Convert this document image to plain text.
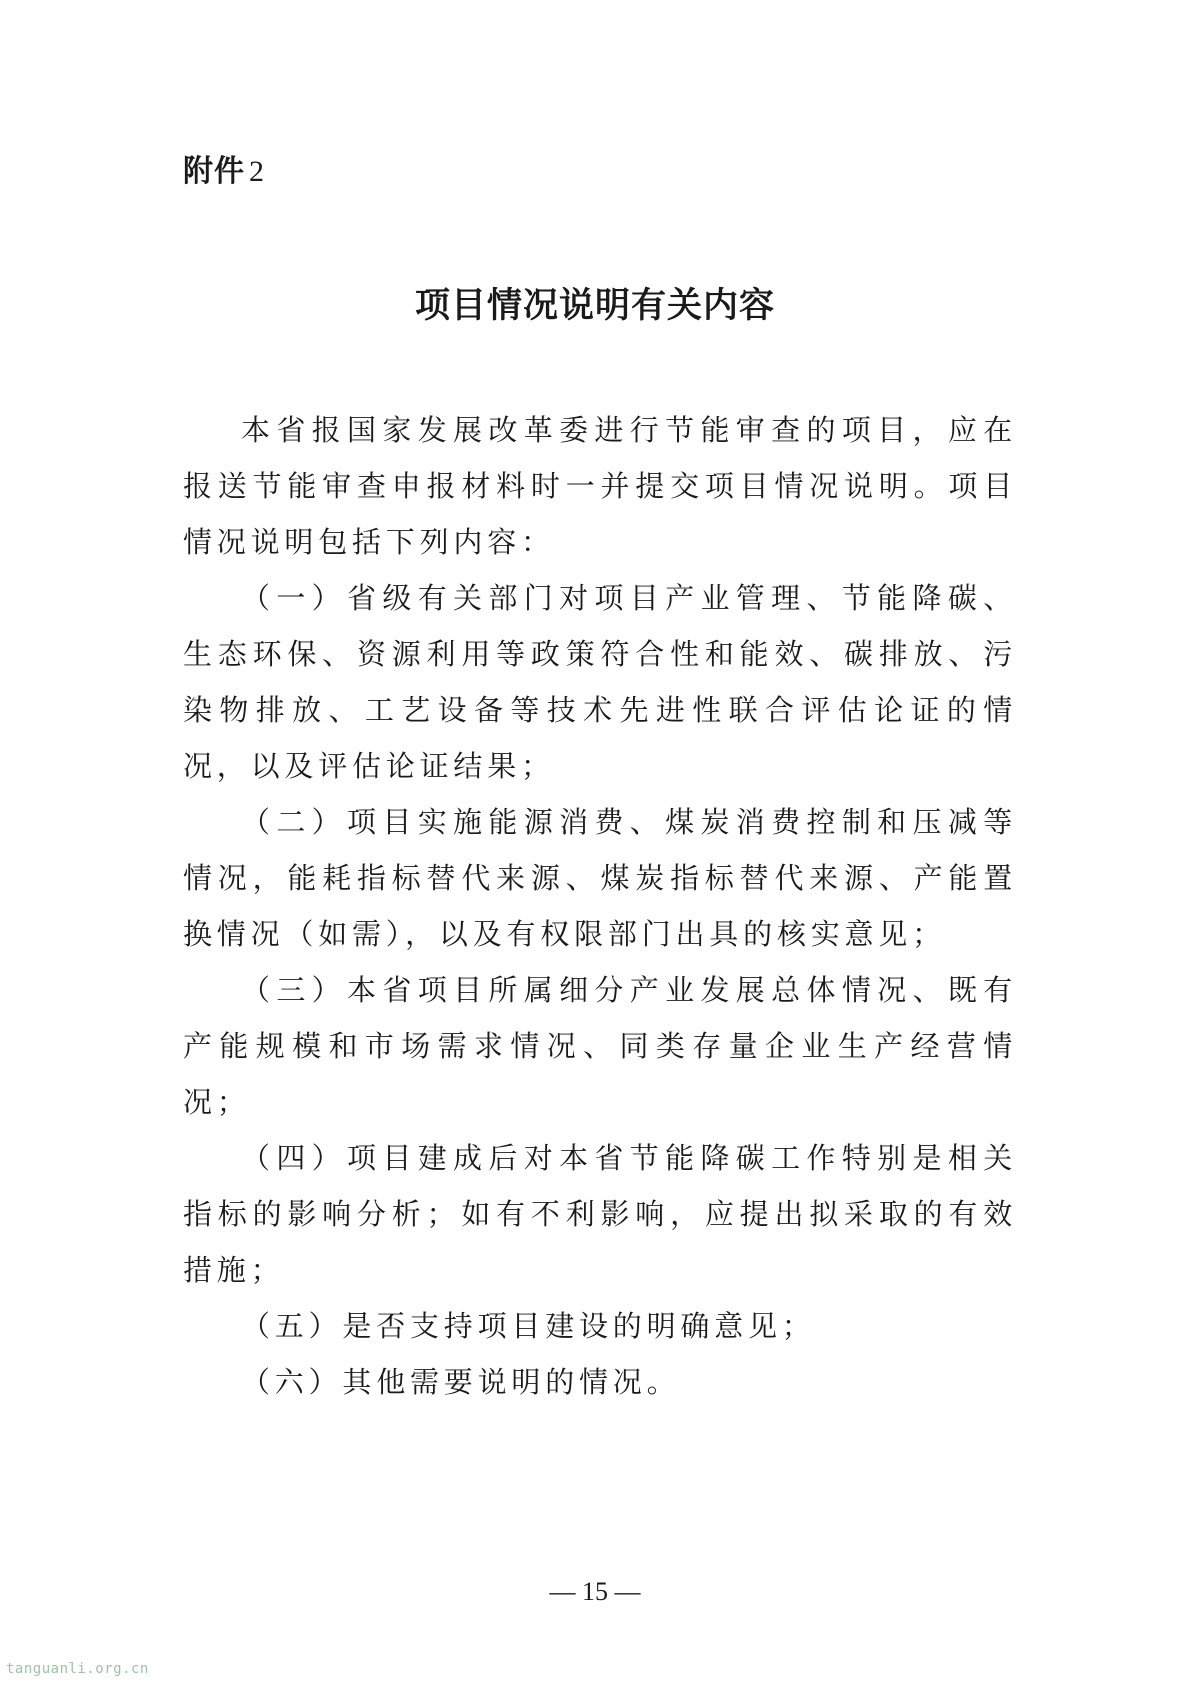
附件 2
项目情况说明有关内容

本省报国家发展改革委进行节能审查的项目，应在报送节能审查申报材料时一并提交项目情况说明。项目情况说明包括下列内容：

（一）省级有关部门对项目产业管理、节能降碳、生态环保、资源利用等政策符合性和能效、碳排放、污染物排放、工艺设备等技术先进性联合评估论证的情况，以及评估论证结果；

（二）项目实施能源消费、煤炭消费控制和压减等情况，能耗指标替代来源、煤炭指标替代来源、产能置换情况（如需），以及有权限部门出具的核实意见；

（三）本省项目所属细分产业发展总体情况、既有产能规模和市场需求情况、同类存量企业生产经营情况；

（四）项目建成后对本省节能降碳工作特别是相关指标的影响分析；如有不利影响，应提出拟采取的有效措施；

（五）是否支持项目建设的明确意见；

（六）其他需要说明的情况。

— 15 —
tanguanli.org.cn
